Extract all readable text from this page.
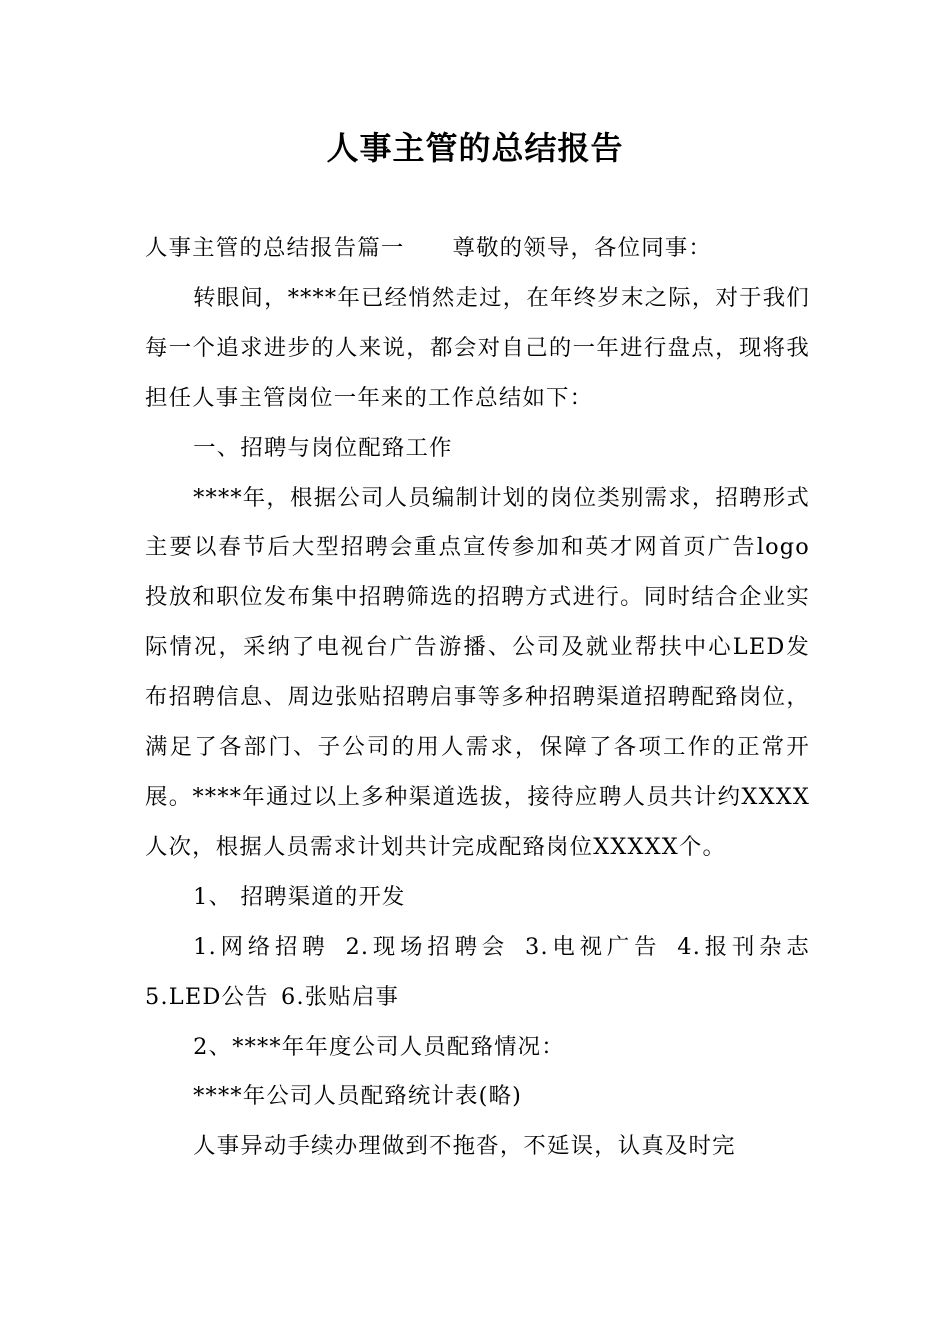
人事主管的总结报告

人事主管的总结报告篇一 尊敬的领导，各位同事：

转眼间，****年已经悄然走过，在年终岁末之际，对于我们每一个追求进步的人来说，都会对自己的一年进行盘点，现将我担任人事主管岗位一年来的工作总结如下：

一、招聘与岗位配臵工作

****年，根据公司人员编制计划的岗位类别需求，招聘形式主要以春节后大型招聘会重点宣传参加和英才网首页广告logo投放和职位发布集中招聘筛选的招聘方式进行。同时结合企业实际情况，采纳了电视台广告游播、公司及就业帮扶中心LED发布招聘信息、周边张贴招聘启事等多种招聘渠道招聘配臵岗位，满足了各部门、子公司的用人需求，保障了各项工作的正常开展。****年通过以上多种渠道选拔，接待应聘人员共计约XXXX人次，根据人员需求计划共计完成配臵岗位XXXXX个。

1、 招聘渠道的开发

1.网络招聘 2.现场招聘会 3.电视广告 4.报刊杂志 5.LED公告 6.张贴启事

2、****年年度公司人员配臵情况：

****年公司人员配臵统计表(略)

人事异动手续办理做到不拖沓，不延误，认真及时完
